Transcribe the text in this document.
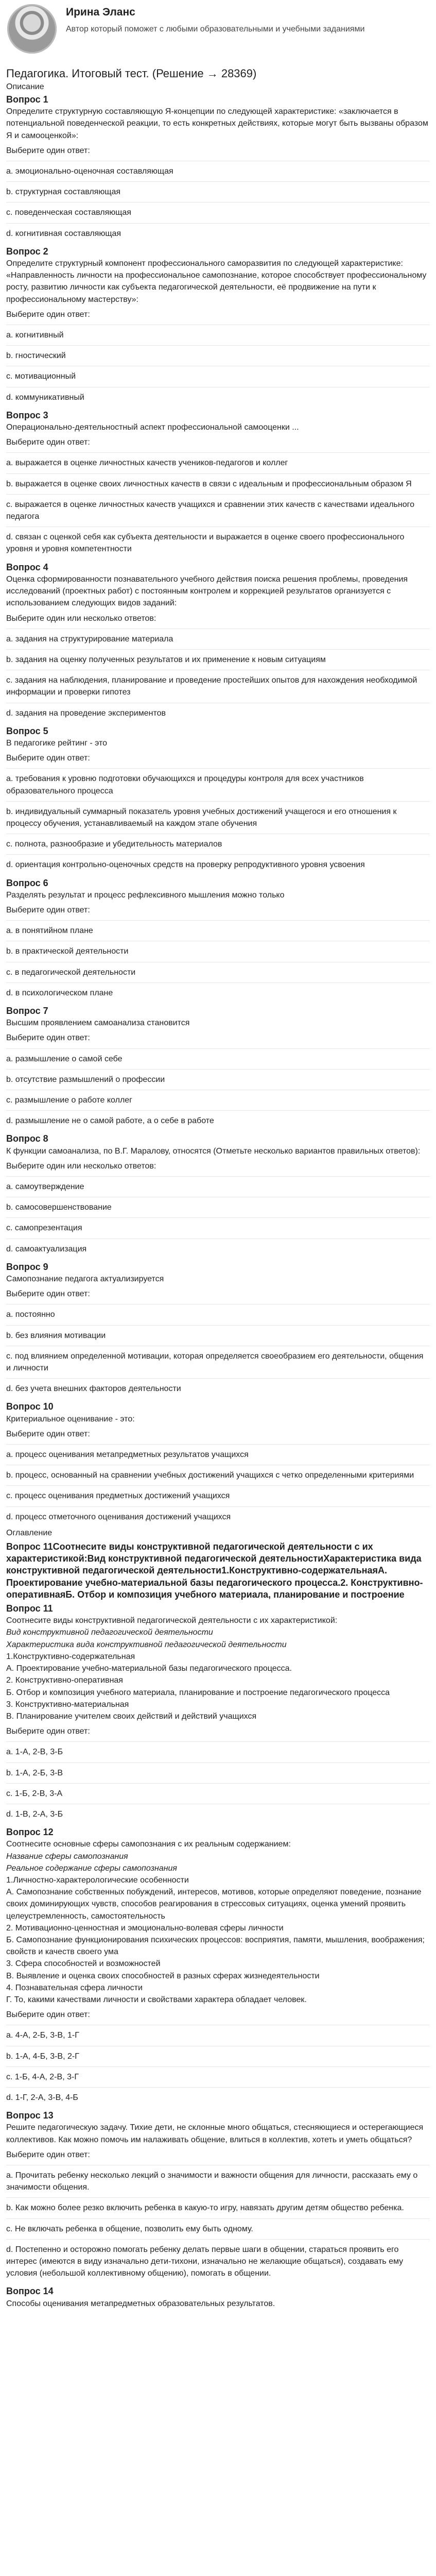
Ирина Эланс
Автор который поможет с любыми образовательными и учебными заданиями
Педагогика. Итоговый тест. (Решение → 28369)
Описание
Вопрос 1
Определите структурную составляющую Я-концепции по следующей характеристике: «заключается в потенциальной поведенческой реакции, то есть конкретных действиях, которые могут быть вызваны образом Я и самооценкой»:
Выберите один ответ:
a. эмоционально-оценочная составляющая
b. структурная составляющая
c. поведенческая составляющая
d. когнитивная составляющая
Вопрос 2
Определите структурный компонент профессионального саморазвития по следующей характеристике: «Направленность личности на профессиональное самопознание, которое способствует профессиональному росту, развитию личности как субъекта педагогической деятельности, её продвижение на пути к профессиональному мастерству»:
Выберите один ответ:
a. когнитивный
b. гностический
c. мотивационный
d. коммуникативный
Вопрос 3
Операционально-деятельностный аспект профессиональной самооценки ...
Выберите один ответ:
a. выражается в оценке личностных качеств учеников-педагогов и коллег
b. выражается в оценке своих личностных качеств в связи с идеальным и профессиональным образом Я
c. выражается в оценке личностных качеств учащихся и сравнении этих качеств с качествами идеального педагога
d. связан с оценкой себя как субъекта деятельности и выражается в оценке своего профессионального уровня и уровня компетентности
Вопрос 4
Оценка сформированности познавательного учебного действия поиска решения проблемы, проведения исследований (проектных работ) с постоянным контролем и коррекцией результатов организуется с использованием следующих видов заданий:
Выберите один или несколько ответов:
a. задания на структурирование материала
b. задания на оценку полученных результатов и их применение к новым ситуациям
c. задания на наблюдения, планирование и проведение простейших опытов для нахождения необходимой информации и проверки гипотез
d. задания на проведение экспериментов
Вопрос 5
В педагогике рейтинг - это
Выберите один ответ:
a. требования к уровню подготовки обучающихся и процедуры контроля для всех участников образовательного процесса
b. индивидуальный суммарный показатель уровня учебных достижений учащегося и его отношения к процессу обучения, устанавливаемый на каждом этапе обучения
c. полнота, разнообразие и убедительность материалов
d. ориентация контрольно-оценочных средств на проверку репродуктивного уровня усвоения
Вопрос 6
Разделять результат и процесс рефлексивного мышления можно только
Выберите один ответ:
a. в понятийном плане
b. в практической деятельности
c. в педагогической деятельности
d. в психологическом плане
Вопрос 7
Высшим проявлением самоанализа становится
Выберите один ответ:
a. размышление о самой себе
b. отсутствие размышлений о профессии
c. размышление о работе коллег
d. размышление не о самой работе, а о себе в работе
Вопрос 8
К функции самоанализа, по В.Г. Маралову, относятся (Отметьте несколько вариантов правильных ответов):
Выберите один или несколько ответов:
a. самоутверждение
b. самосовершенствование
c. самопрезентация
d. самоактуализация
Вопрос 9
Самопознание педагога актуализируется
Выберите один ответ:
a. постоянно
b. без влияния мотивации
c. под влиянием определенной мотивации, которая определяется своеобразием его деятельности, общения и личности
d. без учета внешних факторов деятельности
Вопрос 10
Критериальное оценивание - это:
Выберите один ответ:
a. процесс оценивания метапредметных результатов учащихся
b. процесс, основанный на сравнении учебных достижений учащихся с четко определенными критериями
c. процесс оценивания предметных достижений учащихся
d. процесс отметочного оценивания достижений учащихся
Оглавление
Вопрос 11Соотнесите виды конструктивной педагогической деятельности с их характеристикой:Вид конструктивной педагогической деятельностиХарактеристика вида конструктивной педагогической деятельности1.Конструктивно-содержательнаяA. Проектирование учебно-материальной базы педагогического процесса.2. Конструктивно-оперативнаяБ. Отбор и композиция учебного материала, планирование и построение
Вопрос 11
Соотнесите виды конструктивной педагогической деятельности с их характеристикой:
Вид конструктивной педагогической деятельности
Характеристика вида конструктивной педагогической деятельности
1.Конструктивно-содержательная
A. Проектирование учебно-материальной базы педагогического процесса.
2. Конструктивно-оперативная
Б. Отбор и композиция учебного материала, планирование и построение педагогического процесса
3. Конструктивно-материальная
B. Планирование учителем своих действий и действий учащихся
Выберите один ответ:
a. 1-А, 2-В, 3-Б
b. 1-А, 2-Б, 3-В
c. 1-Б, 2-В, 3-А
d. 1-В, 2-А, 3-Б
Вопрос 12
Соотнесите основные сферы самопознания с их реальным содержанием:
Название сферы самопознания
Реальное содержание сферы самопознания
1.Личностно-характерологические особенности
A. Самопознание собственных побуждений, интересов, мотивов, которые определяют поведение, познание своих доминирующих чувств, способов реагирования в стрессовых ситуациях, оценка умений проявить целеустремленность, самостоятельность
2. Мотивационно-ценностная и эмоционально-волевая сферы личности
Б. Самопознание функционирования психических процессов: восприятия, памяти, мышления, воображения; свойств и качеств своего ума
3. Сфера способностей и возможностей
B. Выявление и оценка своих способностей в разных сферах жизнедеятельности
4. Познавательная сфера личности
Г. То, какими качествами личности и свойствами характера обладает человек.
Выберите один ответ:
a. 4-А, 2-Б, 3-В, 1-Г
b. 1-А, 4-Б, 3-В, 2-Г
c. 1-Б, 4-А, 2-В, 3-Г
d. 1-Г, 2-А, 3-В, 4-Б
Вопрос 13
Решите педагогическую задачу. Тихие дети, не склонные много общаться, стесняющиеся и остерегающиеся коллективов. Как можно помочь им налаживать общение, влиться в коллектив, хотеть и уметь общаться?
Выберите один ответ:
a. Прочитать ребенку несколько лекций о значимости и важности общения для личности, рассказать ему о значимости общения.
b. Как можно более резко включить ребенка в какую-то игру, навязать другим детям общество ребенка.
c. Не включать ребенка в общение, позволить ему быть одному.
d. Постепенно и осторожно помогать ребенку делать первые шаги в общении, стараться проявить его интерес (имеются в виду изначально дети-тихони, изначально не желающие общаться), создавать ему условия (небольшой коллективному общению), помогать в общении.
Вопрос 14
Способы оценивания метапредметных образовательных результатов.
